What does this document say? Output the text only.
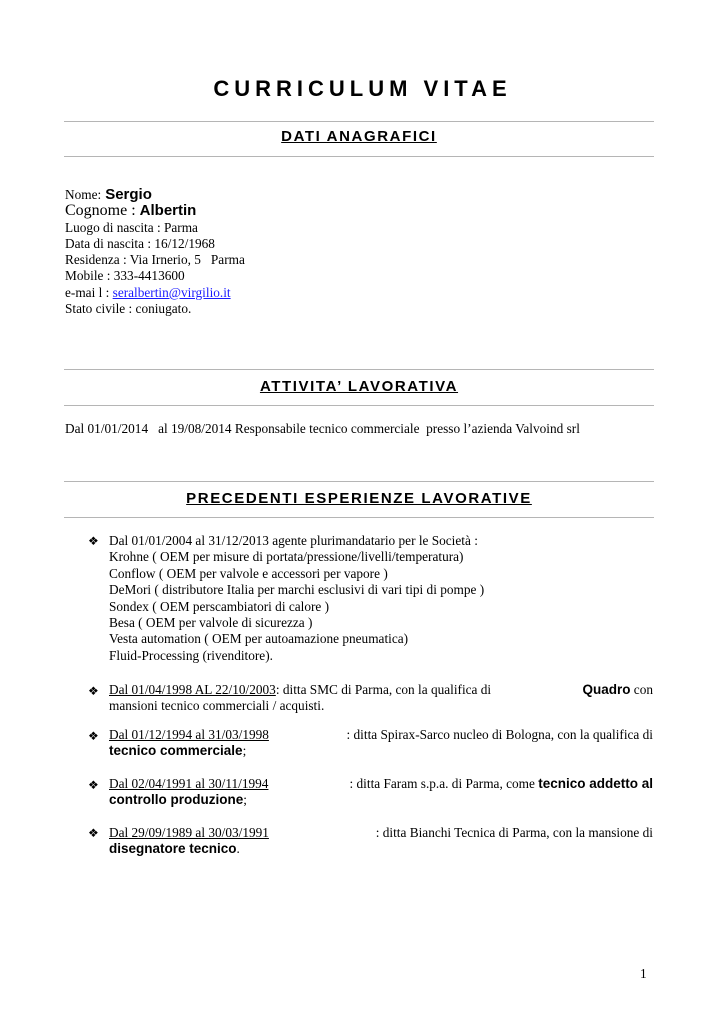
CURRICULUM VITAE
DATI ANAGRAFICI
Nome: Sergio
Cognome : Albertin
Luogo di nascita : Parma
Data di nascita : 16/12/1968
Residenza : Via Irnerio, 5   Parma
Mobile : 333-4413600
e-mai l : seralbertin@virgilio.it
Stato civile : coniugato.
ATTIVITA’ LAVORATIVA
Dal 01/01/2014   al 19/08/2014 Responsabile tecnico commerciale  presso l’azienda Valvoind srl
PRECEDENTI ESPERIENZE LAVORATIVE
❖ Dal 01/01/2004 al 31/12/2013 agente plurimandatario per le Società :
Krohne ( OEM per misure di portata/pressione/livelli/temperatura)
Conflow ( OEM per valvole e accessori per vapore )
DeMori ( distributore Italia per marchi esclusivi di vari tipi di pompe )
Sondex ( OEM perscambiatori di calore )
Besa ( OEM per valvole di sicurezza )
Vesta automation ( OEM per autoamazione pneumatica)
Fluid-Processing (rivenditore).
❖ Dal 01/04/1998 AL 22/10/2003: ditta SMC di Parma, con la qualifica di	Quadro con
mansioni tecnico commerciali / acquisti.
❖ Dal 01/12/1994 al 31/03/1998	: ditta Spirax-Sarco nucleo di Bologna, con la qualifica di
tecnico commerciale;
❖ Dal 02/04/1991 al 30/11/1994	: ditta Faram s.p.a. di Parma, come tecnico addetto al
controllo produzione;
❖ Dal 29/09/1989 al 30/03/1991	: ditta Bianchi Tecnica di Parma, con la mansione di
disegnatore tecnico.
1
